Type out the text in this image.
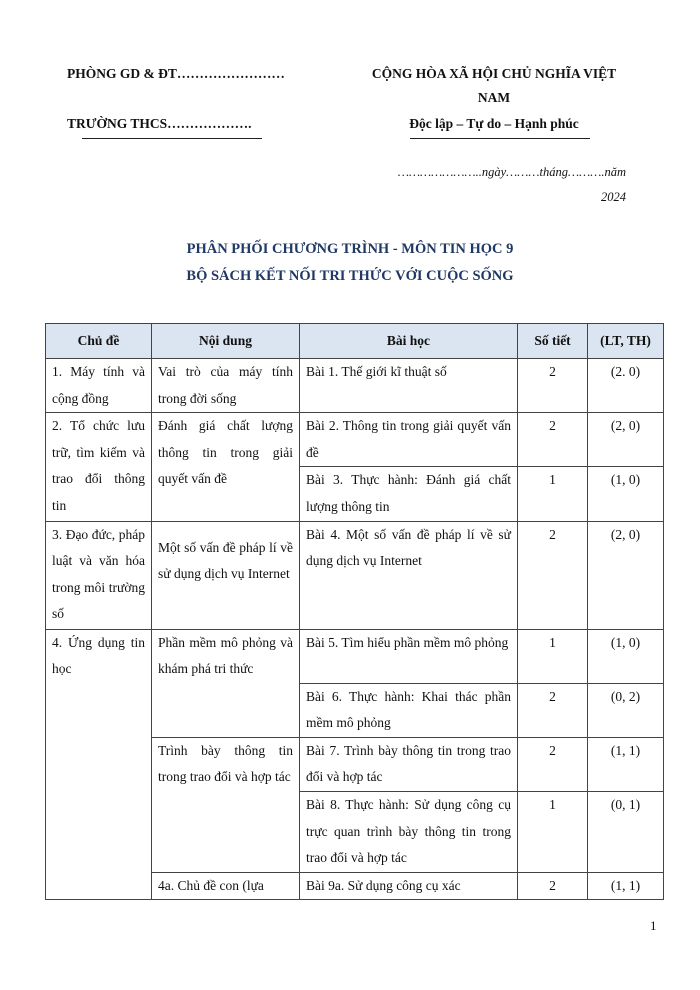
PHÒNG GD & ĐT……………………
TRƯỜNG THCS……………….
CỘNG HÒA XÃ HỘI CHỦ NGHĨA VIỆT
NAM
Độc lập – Tự do – Hạnh phúc
…………………..ngày………tháng……….năm
2024
PHÂN PHỐI CHƯƠNG TRÌNH - MÔN TIN HỌC 9
BỘ SÁCH KẾT NỐI TRI THỨC VỚI CUỘC SỐNG
Chủ đề	Nội dung	Bài học	Số tiết	(LT, TH)
1. Máy tính và cộng đồng	Vai trò của máy tính trong đời sống	Bài 1. Thế giới kĩ thuật số	2	(2. 0)
2. Tổ chức lưu trữ, tìm kiếm và trao đổi thông tin	Đánh giá chất lượng thông tin trong giải quyết vấn đề	Bài 2. Thông tin trong giải quyết vấn đề	2	(2, 0)
		Bài 3. Thực hành: Đánh giá chất lượng thông tin	1	(1, 0)
3. Đạo đức, pháp luật và văn hóa trong môi trường số	Một số vấn đề pháp lí về sử dụng dịch vụ Internet	Bài 4. Một số vấn đề pháp lí về sử dụng dịch vụ Internet	2	(2, 0)
4. Ứng dụng tin học	Phần mềm mô phỏng và khám phá tri thức	Bài 5. Tìm hiểu phần mềm mô phỏng	1	(1, 0)
		Bài 6. Thực hành: Khai thác phần mềm mô phỏng	2	(0, 2)
	Trình bày thông tin trong trao đổi và hợp tác	Bài 7. Trình bày thông tin trong trao đổi và hợp tác	2	(1, 1)
		Bài 8. Thực hành: Sử dụng công cụ trực quan trình bày thông tin trong trao đổi và hợp tác	1	(0, 1)
	4a. Chủ đề con (lựa	Bài 9a. Sử dụng công cụ xác	2	(1, 1)
1
